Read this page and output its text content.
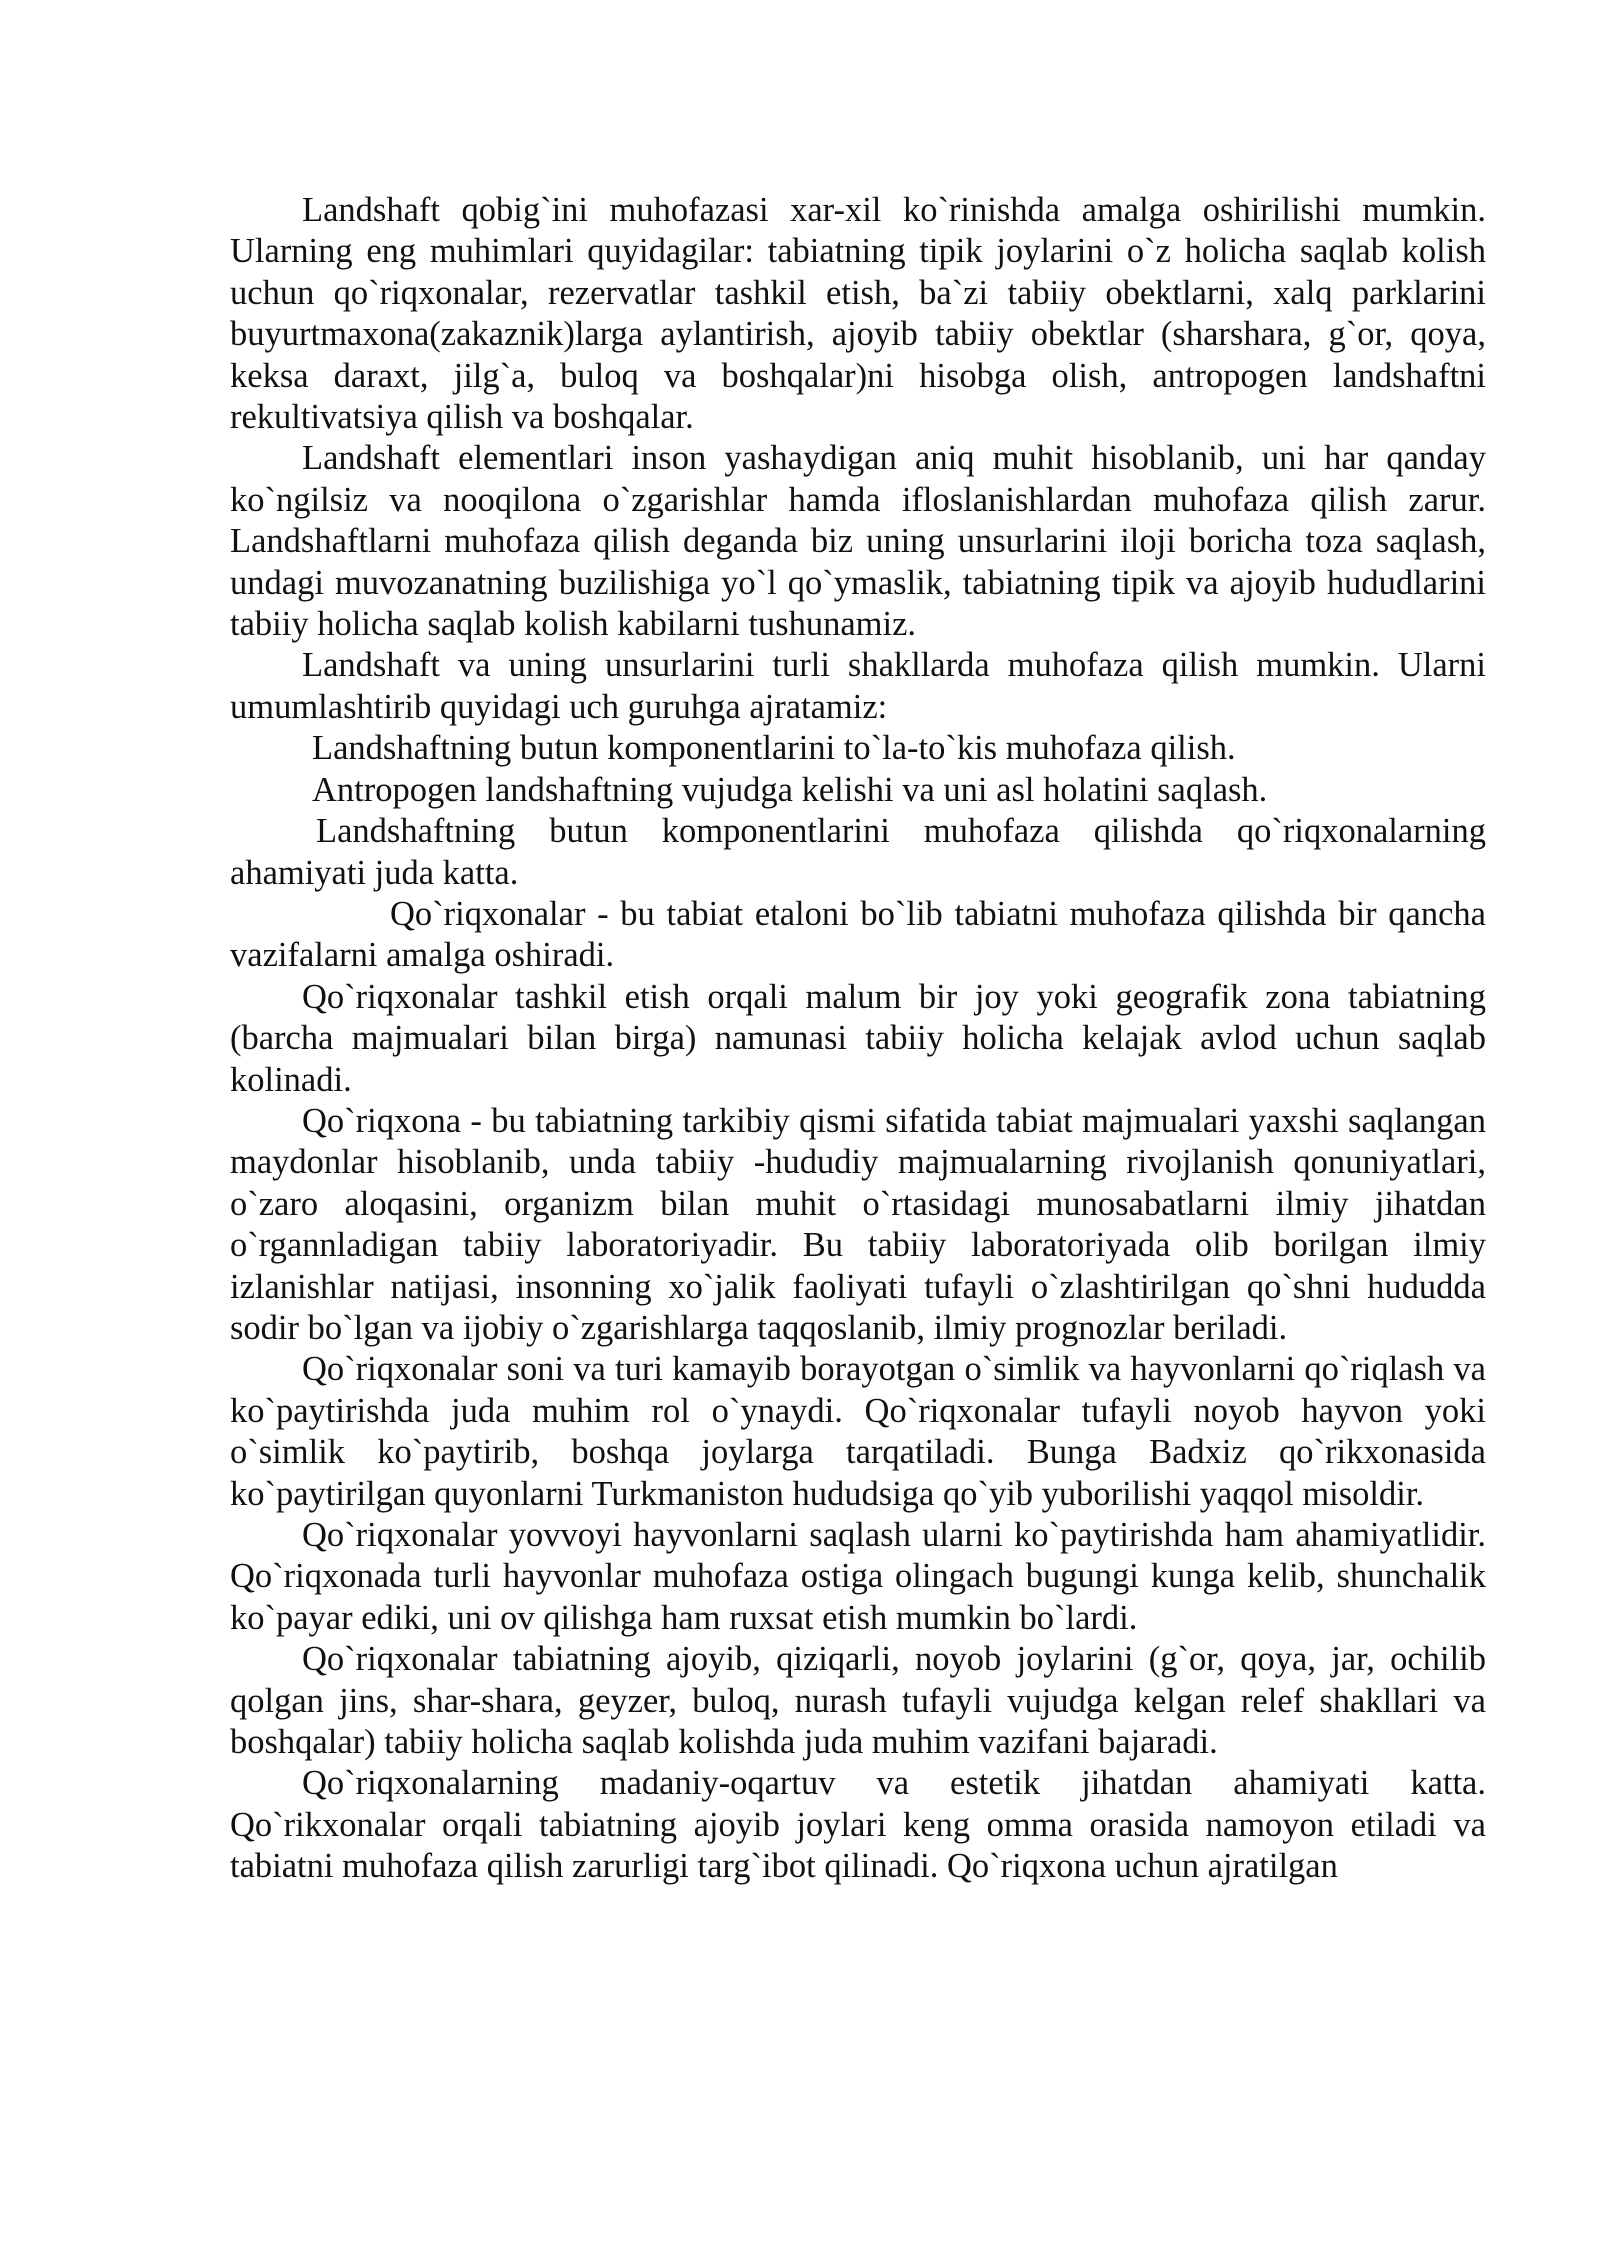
Landshaft qobig`ini muhofazasi xar-xil ko`rinishda amalga oshirilishi mumkin. Ularning eng muhimlari quyidagilar: tabiatning tipik joylarini o`z holicha saqlab kolish uchun qo`riqxonalar, rezervatlar tashkil etish, ba`zi tabiiy obektlarni, xalq parklarini buyurtmaxona(zakaznik)larga aylantirish, ajoyib tabiiy obektlar (sharshara, g`or, qoya, keksa daraxt, jilg`a, buloq va boshqalar)ni hisobga olish, antropogen landshaftni rekultivatsiya qilish va boshqalar.

Landshaft elementlari inson yashaydigan aniq muhit hisoblanib, uni har qanday ko`ngilsiz va nooqilona o`zgarishlar hamda ifloslanishlardan muhofaza qilish zarur. Landshaftlarni muhofaza qilish deganda biz uning unsurlarini iloji boricha toza saqlash, undagi muvozanatning buzilishiga yo`l qo`ymaslik, tabiatning tipik va ajoyib hududlarini tabiiy holicha saqlab kolish kabilarni tushunamiz.

Landshaft va uning unsurlarini turli shakllarda muhofaza qilish mumkin. Ularni umumlashtirib quyidagi uch guruhga ajratamiz:

Landshaftning butun komponentlarini to`la-to`kis muhofaza qilish.

Antropogen landshaftning vujudga kelishi va uni asl holatini saqlash.

Landshaftning butun komponentlarini muhofaza qilishda qo`riqxonalarning ahamiyati juda katta.

Qo`riqxonalar - bu tabiat etaloni bo`lib tabiatni muhofaza qilishda bir qancha vazifalarni amalga oshiradi.

Qo`riqxonalar tashkil etish orqali malum bir joy yoki geografik zona tabiatning (barcha majmualari bilan birga) namunasi tabiiy holicha kelajak avlod uchun saqlab kolinadi.

Qo`riqxona - bu tabiatning tarkibiy qismi sifatida tabiat majmualari yaxshi saqlangan maydonlar hisoblanib, unda tabiiy -hududiy majmualarning rivojlanish qonuniyatlari, o`zaro aloqasini, organizm bilan muhit o`rtasidagi munosabatlarni ilmiy jihatdan o`rgannladigan tabiiy laboratoriyadir. Bu tabiiy laboratoriyada olib borilgan ilmiy izlanishlar natijasi, insonning xo`jalik faoliyati tufayli o`zlashtirilgan qo`shni hududda sodir bo`lgan va ijobiy o`zgarishlarga taqqoslanib, ilmiy prognozlar beriladi.

Qo`riqxonalar soni va turi kamayib borayotgan o`simlik va hayvonlarni qo`riqlash va ko`paytirishda juda muhim rol o`ynaydi. Qo`riqxonalar tufayli noyob hayvon yoki o`simlik ko`paytirib, boshqa joylarga tarqatiladi. Bunga Badxiz qo`rikxonasida ko`paytirilgan quyonlarni Turkmaniston hududsiga qo`yib yuborilishi yaqqol misoldir.

Qo`riqxonalar yovvoyi hayvonlarni saqlash ularni ko`paytirishda ham ahamiyatlidir. Qo`riqxonada turli hayvonlar muhofaza ostiga olingach bugungi kunga kelib, shunchalik ko`payar ediki, uni ov qilishga ham ruxsat etish mumkin bo`lardi.

Qo`riqxonalar tabiatning ajoyib, qiziqarli, noyob joylarini (g`or, qoya, jar, ochilib qolgan jins, shar-shara, geyzer, buloq, nurash tufayli vujudga kelgan relef shakllari va boshqalar) tabiiy holicha saqlab kolishda juda muhim vazifani bajaradi.

Qo`riqxonalarning madaniy-oqartuv va estetik jihatdan ahamiyati katta. Qo`rikxonalar orqali tabiatning ajoyib joylari keng omma orasida namoyon etiladi va tabiatni muhofaza qilish zarurligi targ`ibot qilinadi. Qo`riqxona uchun ajratilgan
